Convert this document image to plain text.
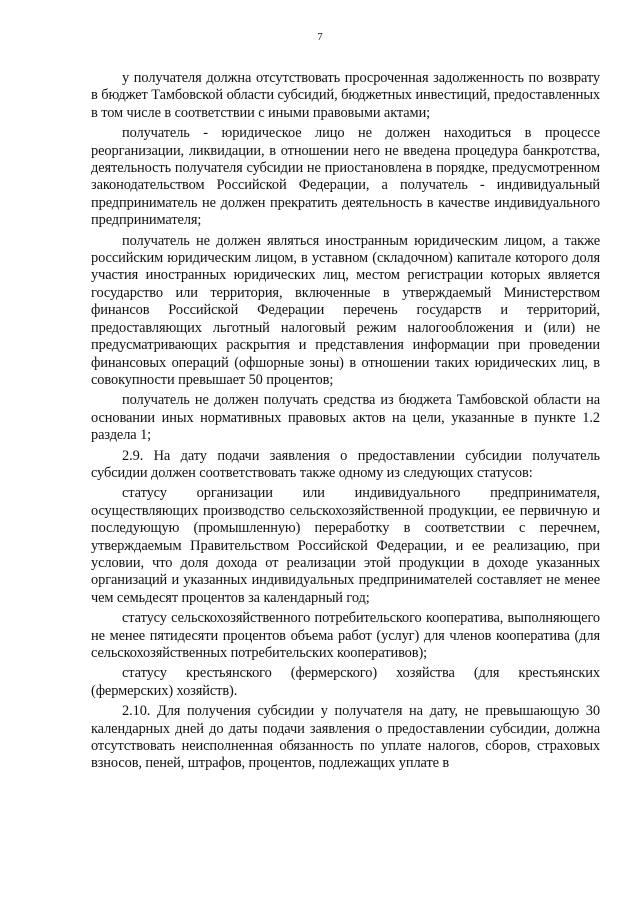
7

у получателя должна отсутствовать просроченная задолженность по возврату в бюджет Тамбовской области субсидий, бюджетных инвестиций, предоставленных в том числе в соответствии с иными правовыми актами;

получатель - юридическое лицо не должен находиться в процессе реорганизации, ликвидации, в отношении него не введена процедура банкротства, деятельность получателя субсидии не приостановлена в порядке, предусмотренном законодательством Российской Федерации, а получатель - индивидуальный предприниматель не должен прекратить деятельность в качестве индивидуального предпринимателя;

получатель не должен являться иностранным юридическим лицом, а также российским юридическим лицом, в уставном (складочном) капитале которого доля участия иностранных юридических лиц, местом регистрации которых является государство или территория, включенные в утверждаемый Министерством финансов Российской Федерации перечень государств и территорий, предоставляющих льготный налоговый режим налогообложения и (или) не предусматривающих раскрытия и представления информации при проведении финансовых операций (офшорные зоны) в отношении таких юридических лиц, в совокупности превышает 50 процентов;

получатель не должен получать средства из бюджета Тамбовской области на основании иных нормативных правовых актов на цели, указанные в пункте 1.2 раздела 1;

2.9. На дату подачи заявления о предоставлении субсидии получатель субсидии должен соответствовать также одному из следующих статусов:

статусу организации или индивидуального предпринимателя, осуществляющих производство сельскохозяйственной продукции, ее первичную и последующую (промышленную) переработку в соответствии с перечнем, утверждаемым Правительством Российской Федерации, и ее реализацию, при условии, что доля дохода от реализации этой продукции в доходе указанных организаций и указанных индивидуальных предпринимателей составляет не менее чем семьдесят процентов за календарный год;

статусу сельскохозяйственного потребительского кооператива, выполняющего не менее пятидесяти процентов объема работ (услуг) для членов кооператива (для сельскохозяйственных потребительских кооперативов);

статусу крестьянского (фермерского) хозяйства (для крестьянских (фермерских) хозяйств).

2.10. Для получения субсидии у получателя на дату, не превышающую 30 календарных дней до даты подачи заявления о предоставлении субсидии, должна отсутствовать неисполненная обязанность по уплате налогов, сборов, страховых взносов, пеней, штрафов, процентов, подлежащих уплате в
